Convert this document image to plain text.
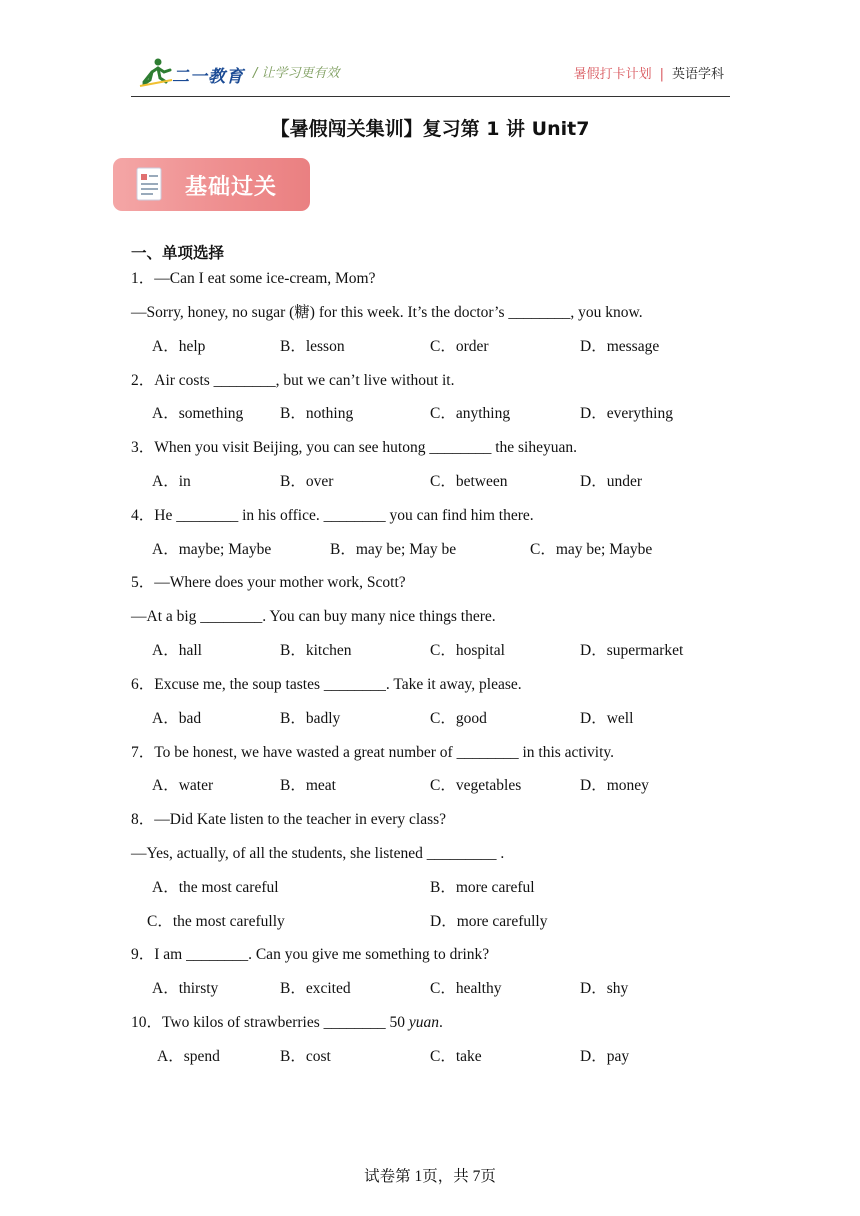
二一教育 / 让学习更有效	暑假打卡计划 | 英语学科
【暑假闯关集训】复习第 1 讲 Unit7
基础过关
一、单项选择
1．—Can I eat some ice-cream, Mom?
—Sorry, honey, no sugar (糖) for this week. It’s the doctor’s ________, you know.
A．help	B．lesson	C．order	D．message
2．Air costs ________, but we can’t live without it.
A．something B．nothing	C．anything	D．everything
3．When you visit Beijing, you can see hutong ________ the siheyuan.
A．in	B．over	C．between	D．under
4．He ________ in his office. ________ you can find him there.
A．maybe; Maybe	B．may be; May be	C．may be; Maybe
5．—Where does your mother work, Scott?
—At a big ________. You can buy many nice things there.
A．hall	B．kitchen	C．hospital	D．supermarket
6．Excuse me, the soup tastes ________. Take it away, please.
A．bad	B．badly	C．good	D．well
7．To be honest, we have wasted a great number of ________ in this activity.
A．water	B．meat	C．vegetables	D．money
8．—Did Kate listen to the teacher in every class?
—Yes, actually, of all the students, she listened _________ .
A．the most careful	B．more careful
C．the most carefully	D．more carefully
9．I am ________. Can you give me something to drink?
A．thirsty	B．excited	C．healthy	D．shy
10．Two kilos of strawberries ________ 50 yuan.
A．spend	B．cost	C．take	D．pay
试卷第 1页，共 7页
